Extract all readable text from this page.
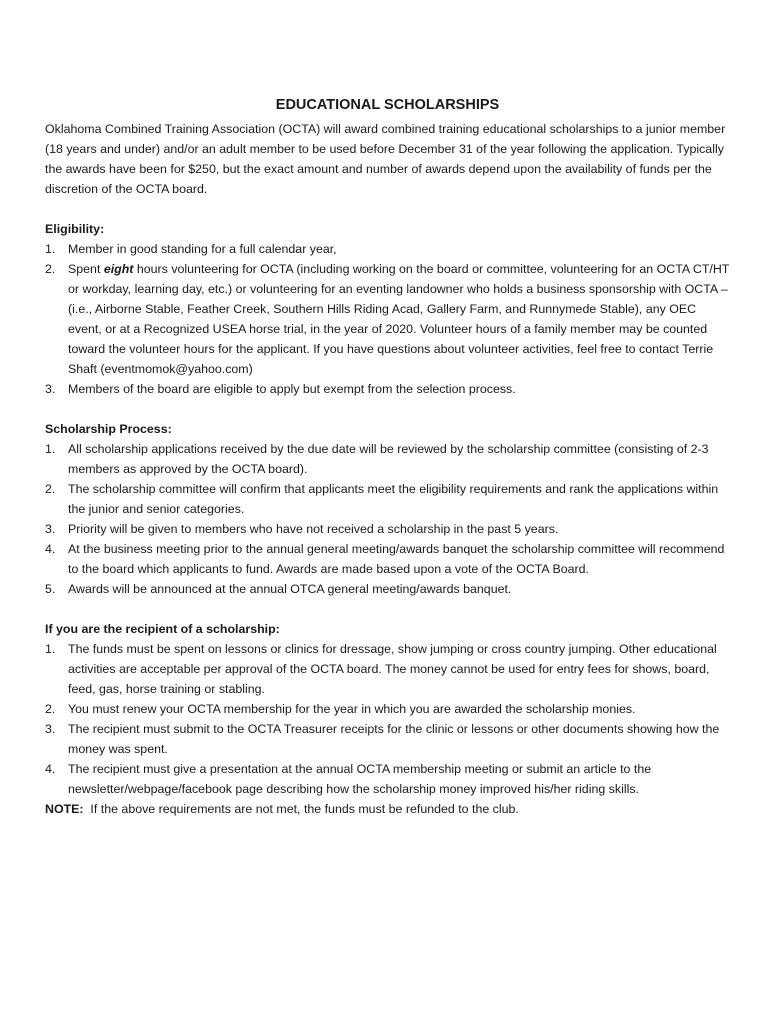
EDUCATIONAL SCHOLARSHIPS

Oklahoma Combined Training Association (OCTA) will award combined training educational scholarships to a junior member (18 years and under) and/or an adult member to be used before December 31 of the year following the application. Typically the awards have been for $250, but the exact amount and number of awards depend upon the availability of funds per the discretion of the OCTA board.

Eligibility:
1. Member in good standing for a full calendar year,
2. Spent eight hours volunteering for OCTA (including working on the board or committee, volunteering for an OCTA CT/HT or workday, learning day, etc.) or volunteering for an eventing landowner who holds a business sponsorship with OCTA –(i.e., Airborne Stable, Feather Creek, Southern Hills Riding Acad, Gallery Farm, and Runnymede Stable), any OEC event, or at a Recognized USEA horse trial, in the year of 2020. Volunteer hours of a family member may be counted toward the volunteer hours for the applicant. If you have questions about volunteer activities, feel free to contact Terrie Shaft (eventmomok@yahoo.com)
3. Members of the board are eligible to apply but exempt from the selection process.
Scholarship Process:
1. All scholarship applications received by the due date will be reviewed by the scholarship committee (consisting of 2-3 members as approved by the OCTA board).
2. The scholarship committee will confirm that applicants meet the eligibility requirements and rank the applications within the junior and senior categories.
3. Priority will be given to members who have not received a scholarship in the past 5 years.
4. At the business meeting prior to the annual general meeting/awards banquet the scholarship committee will recommend to the board which applicants to fund. Awards are made based upon a vote of the OCTA Board.
5. Awards will be announced at the annual OTCA general meeting/awards banquet.
If you are the recipient of a scholarship:
1. The funds must be spent on lessons or clinics for dressage, show jumping or cross country jumping. Other educational activities are acceptable per approval of the OCTA board. The money cannot be used for entry fees for shows, board, feed, gas, horse training or stabling.
2. You must renew your OCTA membership for the year in which you are awarded the scholarship monies.
3. The recipient must submit to the OCTA Treasurer receipts for the clinic or lessons or other documents showing how the money was spent.
4. The recipient must give a presentation at the annual OCTA membership meeting or submit an article to the newsletter/webpage/facebook page describing how the scholarship money improved his/her riding skills.

NOTE:  If the above requirements are not met, the funds must be refunded to the club.
